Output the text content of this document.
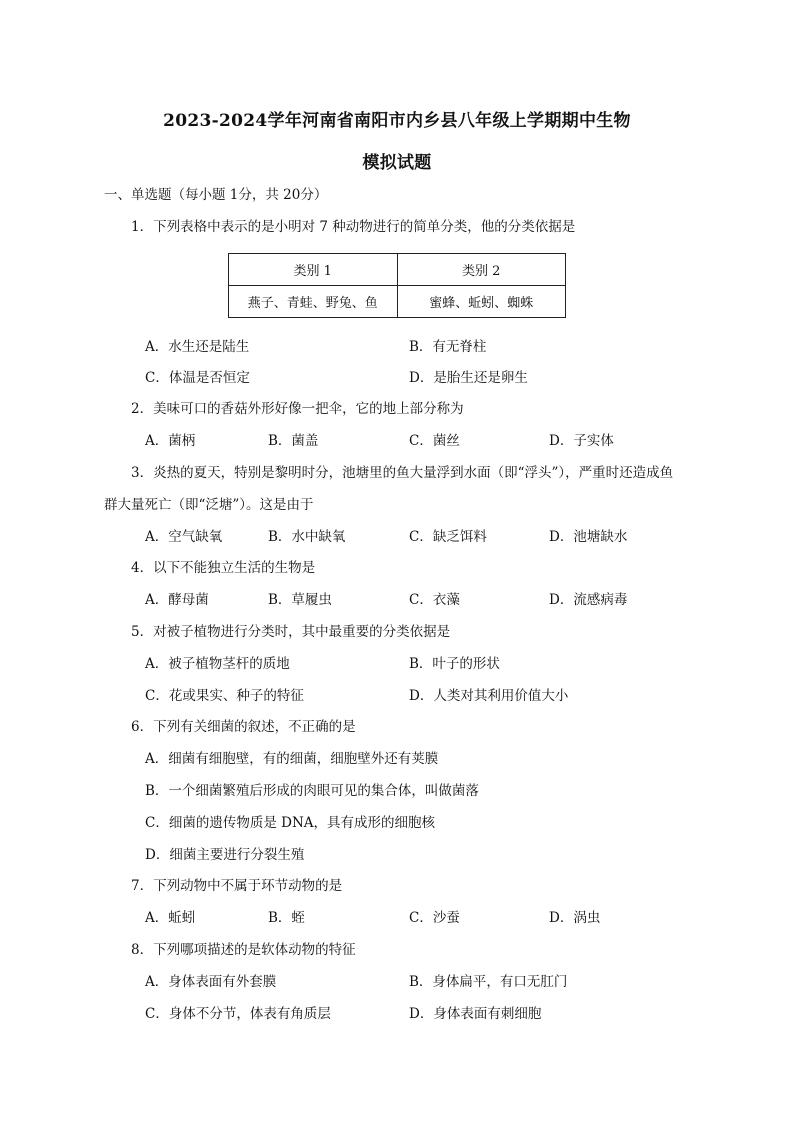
2023-2024学年河南省南阳市内乡县八年级上学期期中生物
模拟试题
一、单选题（每小题 1分，共 20分）
1．下列表格中表示的是小明对 7 种动物进行的简单分类，他的分类依据是
类别 1	类别 2
燕子、青蛙、野兔、鱼	蜜蜂、蚯蚓、蜘蛛
A．水生还是陆生	B．有无脊柱
C．体温是否恒定	D．是胎生还是卵生
2．美味可口的香菇外形好像一把伞，它的地上部分称为
A．菌柄	B．菌盖	C．菌丝	D．子实体
3．炎热的夏天，特别是黎明时分，池塘里的鱼大量浮到水面（即“浮头”），严重时还造成鱼
群大量死亡（即“泛塘”）。这是由于
A．空气缺氧	B．水中缺氧	C．缺乏饵料	D．池塘缺水
4．以下不能独立生活的生物是
A．酵母菌	B．草履虫	C．衣藻	D．流感病毒
5．对被子植物进行分类时，其中最重要的分类依据是
A．被子植物茎杆的质地	B．叶子的形状
C．花或果实、种子的特征	D．人类对其利用价值大小
6．下列有关细菌的叙述，不正确的是
A．细菌有细胞壁，有的细菌，细胞壁外还有荚膜
B．一个细菌繁殖后形成的肉眼可见的集合体，叫做菌落
C．细菌的遗传物质是 DNA，具有成形的细胞核
D．细菌主要进行分裂生殖
7．下列动物中不属于环节动物的是
A．蚯蚓	B．蛭	C．沙蚕	D．涡虫
8．下列哪项描述的是软体动物的特征
A．身体表面有外套膜	B．身体扁平，有口无肛门
C．身体不分节，体表有角质层	D．身体表面有刺细胞
